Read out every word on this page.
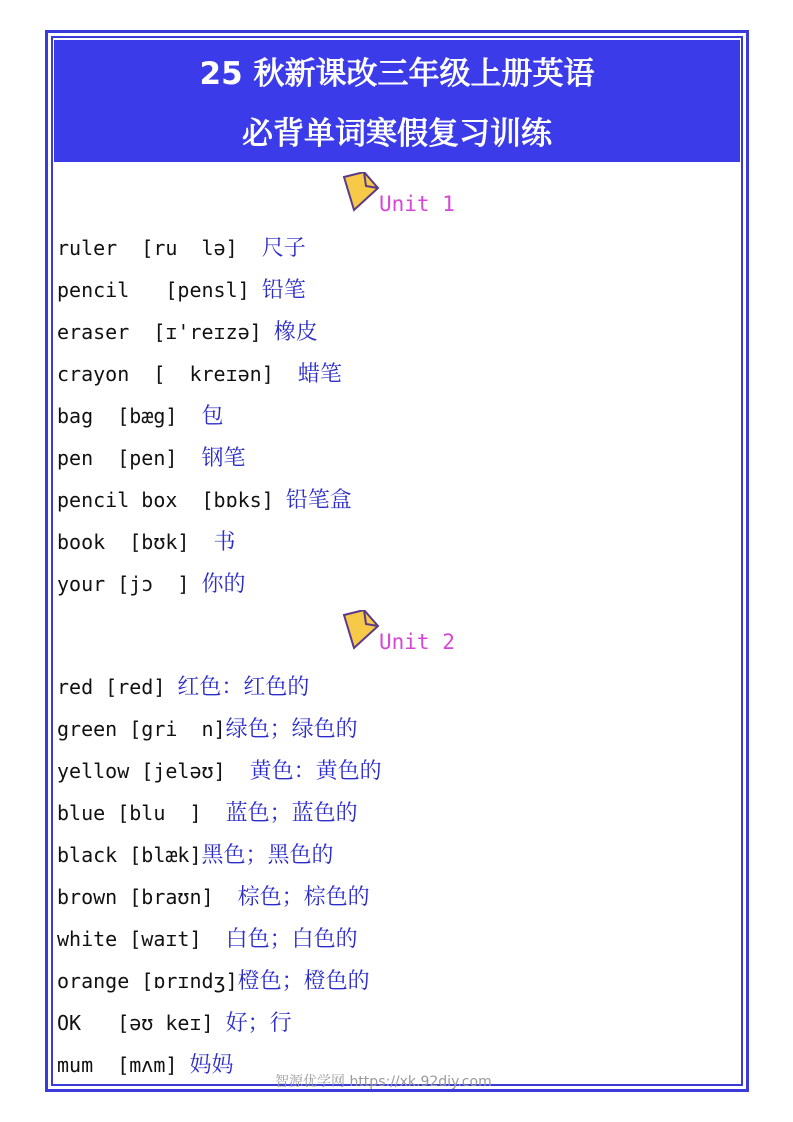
25 秋新课改三年级上册英语
必背单词寒假复习训练
Unit 1
ruler  [ru  lə]  尺子
pencil   [pensl] 铅笔
eraser  [ɪ'reɪzə] 橡皮
crayon  [  kreɪən]  蜡笔
bag  [bæg]  包
pen  [pen]  钢笔
pencil box  [bɒks] 铅笔盒
book  [bʊk]  书
your [jɔ  ] 你的
Unit 2
red [red] 红色：红色的
green [gri  n]绿色；绿色的
yellow [jeləʊ]  黄色：黄色的
blue [blu  ]  蓝色；蓝色的
black [blæk]黑色；黑色的
brown [braʊn]  棕色；棕色的
white [waɪt]  白色；白色的
orange [ɒrɪndʒ]橙色；橙色的
OK   [əʊ keɪ] 好；行
mum  [mʌm] 妈妈
智源优学网 https://xk.92diy.com
